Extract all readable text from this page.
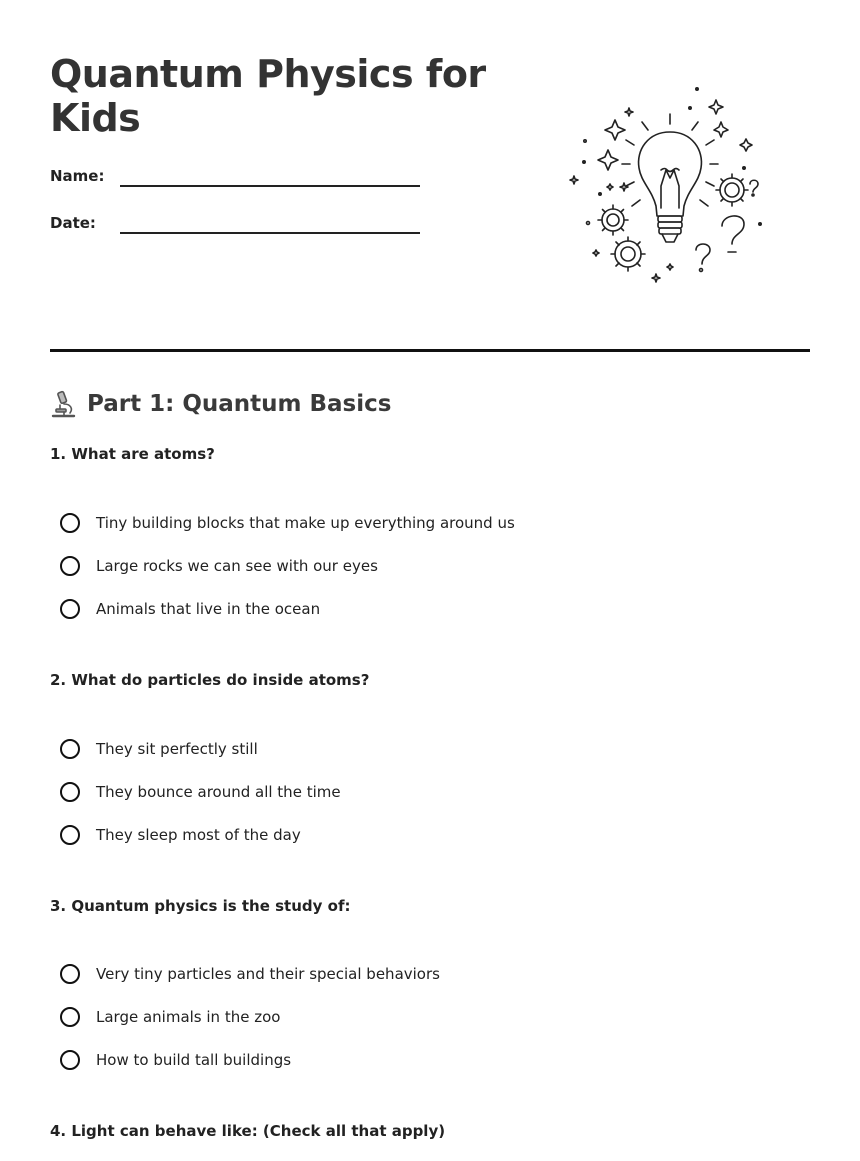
Quantum Physics for Kids
Name:
Date:
Part 1: Quantum Basics

1. What are atoms?

Tiny building blocks that make up everything around us
Large rocks we can see with our eyes
Animals that live in the ocean

2. What do particles do inside atoms?

They sit perfectly still
They bounce around all the time
They sleep most of the day

3. Quantum physics is the study of:

Very tiny particles and their special behaviors
Large animals in the zoo
How to build tall buildings

4. Light can behave like: (Check all that apply)
